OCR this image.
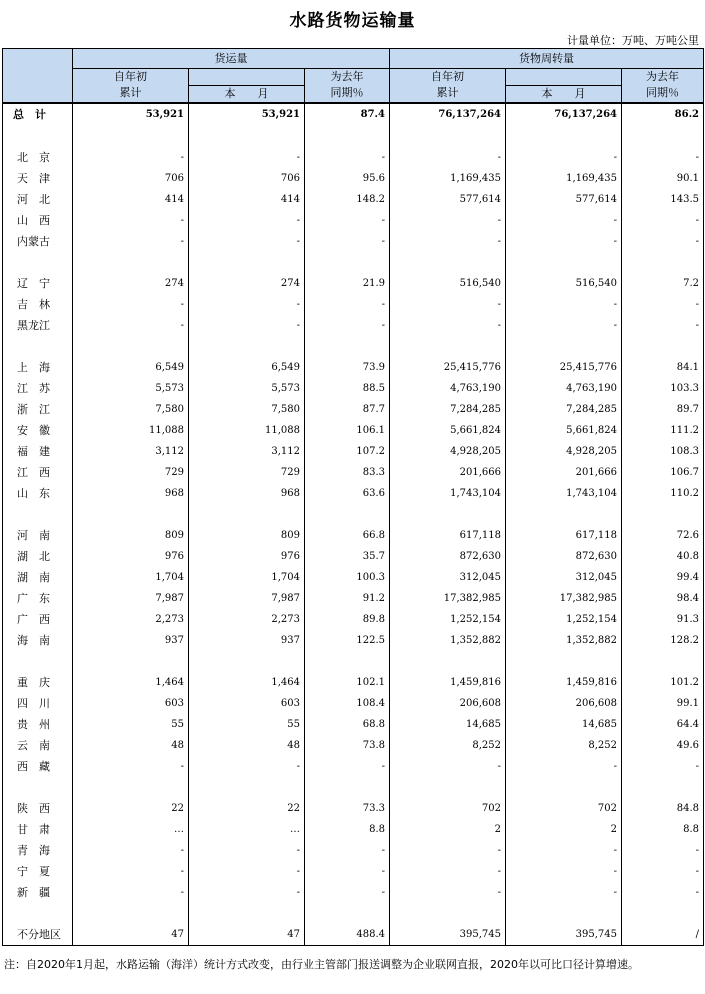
水路货物运输量
计量单位：万吨、万吨公里
	货运量			货物周转量		
	自年初		为去年	自年初		为去年
	累计	本　　月	同期％	累计	本　　月	同期％
总　计	53,921	53,921	87.4	76,137,264	76,137,264	86.2

北　京	-	-	-	-	-	-
天　津	706	706	95.6	1,169,435	1,169,435	90.1
河　北	414	414	148.2	577,614	577,614	143.5
山　西	-	-	-	-	-	-
内蒙古	-	-	-	-	-	-

辽　宁	274	274	21.9	516,540	516,540	7.2
吉　林	-	-	-	-	-	-
黑龙江	-	-	-	-	-	-

上　海	6,549	6,549	73.9	25,415,776	25,415,776	84.1
江　苏	5,573	5,573	88.5	4,763,190	4,763,190	103.3
浙　江	7,580	7,580	87.7	7,284,285	7,284,285	89.7
安　徽	11,088	11,088	106.1	5,661,824	5,661,824	111.2
福　建	3,112	3,112	107.2	4,928,205	4,928,205	108.3
江　西	729	729	83.3	201,666	201,666	106.7
山　东	968	968	63.6	1,743,104	1,743,104	110.2

河　南	809	809	66.8	617,118	617,118	72.6
湖　北	976	976	35.7	872,630	872,630	40.8
湖　南	1,704	1,704	100.3	312,045	312,045	99.4
广　东	7,987	7,987	91.2	17,382,985	17,382,985	98.4
广　西	2,273	2,273	89.8	1,252,154	1,252,154	91.3
海　南	937	937	122.5	1,352,882	1,352,882	128.2

重　庆	1,464	1,464	102.1	1,459,816	1,459,816	101.2
四　川	603	603	108.4	206,608	206,608	99.1
贵　州	55	55	68.8	14,685	14,685	64.4
云　南	48	48	73.8	8,252	8,252	49.6
西　藏	-	-	-	-	-	-

陕　西	22	22	73.3	702	702	84.8
甘　肃	…	…	8.8	2	2	8.8
青　海	-	-	-	-	-	-
宁　夏	-	-	-	-	-	-
新　疆	-	-	-	-	-	-

不分地区	47	47	488.4	395,745	395,745	/
注：自2020年1月起，水路运输（海洋）统计方式改变，由行业主管部门报送调整为企业联网直报，2020年以可比口径计算增速。
